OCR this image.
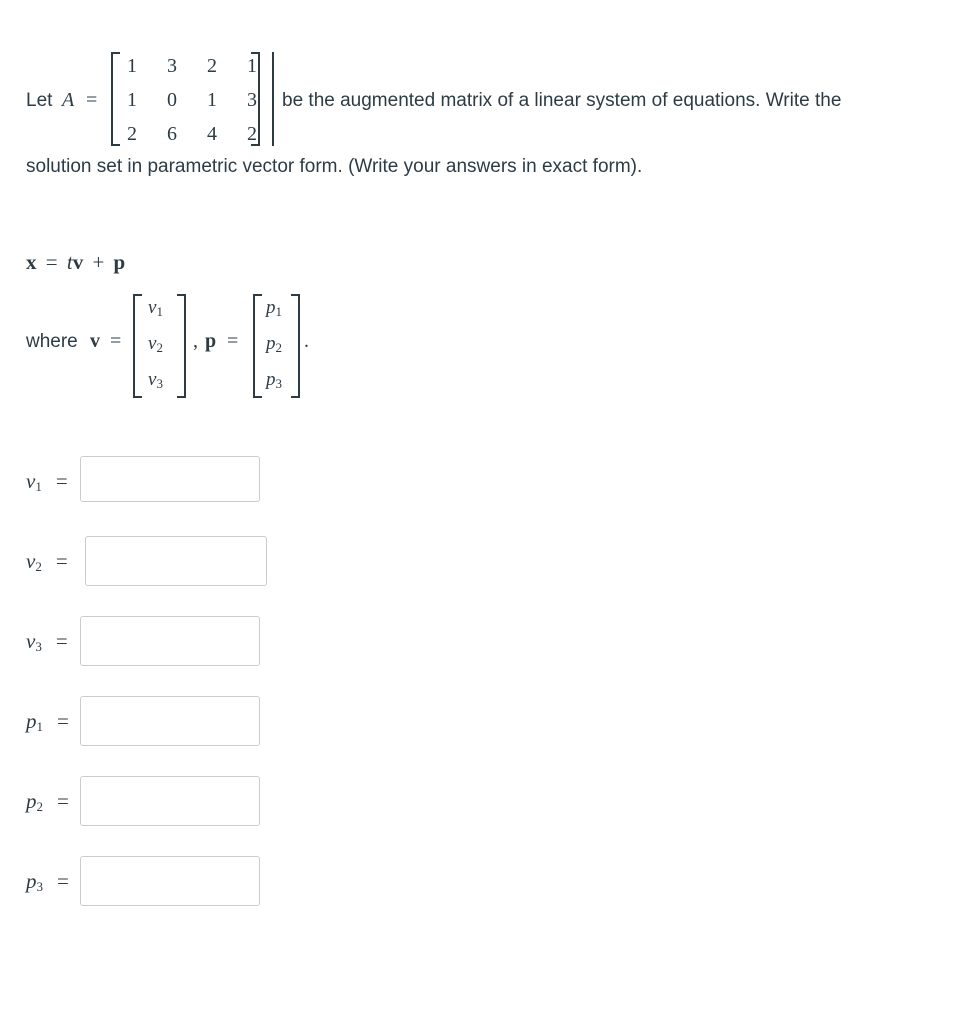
Let A =
1	3	2	1
1	0	1	3
2	6	4	2
be the augmented matrix of a linear system of equations. Write the
solution set in parametric vector form. (Write your answers in exact form).
x = tv + p
where v =
$v_1$
$v_2$
$v_3$
, p =
$p_1$
$p_2$
$p_3$
.
$v_1$ =
$v_2$ =
$v_3$ =
$p_1$ =
$p_2$ =
$p_3$ =
